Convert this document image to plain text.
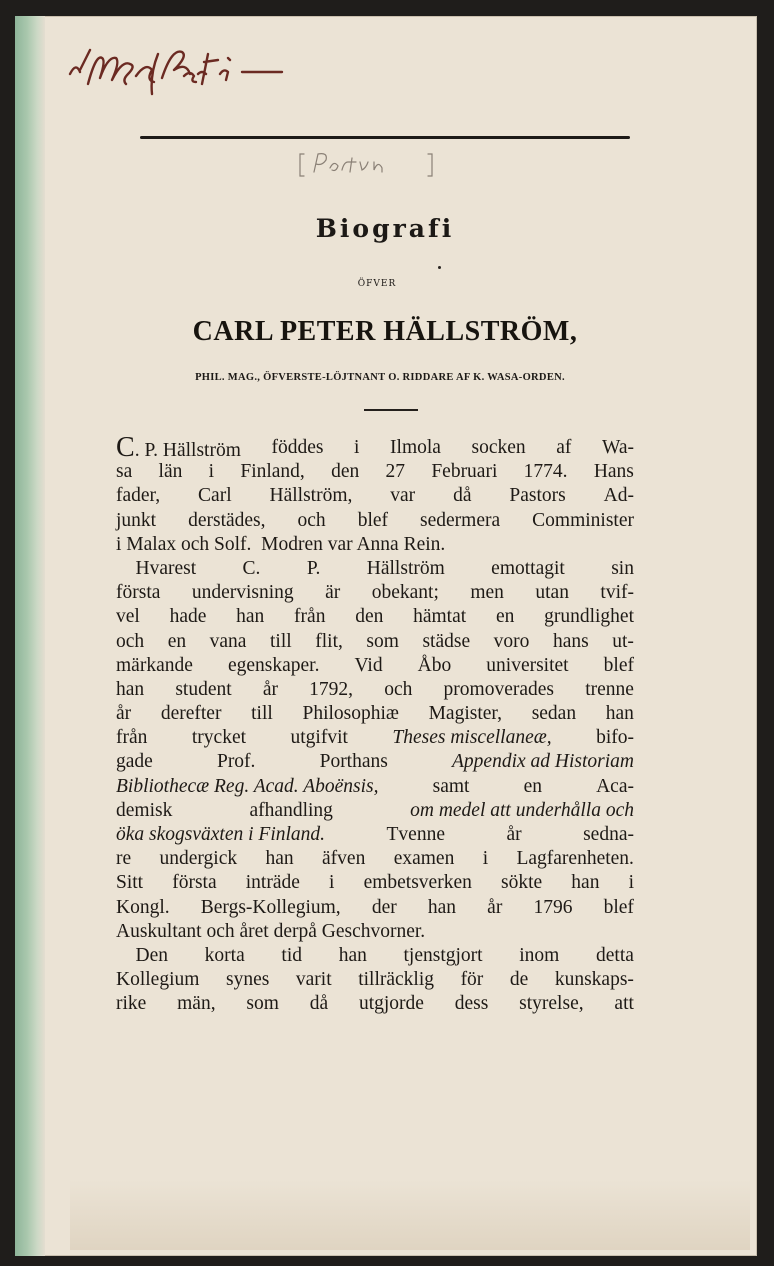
Biografi
ÖFVER
CARL PETER HÄLLSTRÖM,
PHIL. MAG., ÖFVERSTE-LÖJTNANT O. RIDDARE AF K. WASA-ORDEN.
C. P. Hällström föddes i Ilmola socken af Wa-
sa län i Finland, den 27 Februari 1774. Hans
fader, Carl Hällström, var då Pastors Ad-
junkt derstädes, och blef sedermera Comminister
i Malax och Solf.  Modren var Anna Rein.
Hvarest C. P. Hällström emottagit sin
första undervisning är obekant; men utan tvif-
vel hade han från den hämtat en grundlighet
och en vana till flit, som städse voro hans ut-
märkande egenskaper. Vid Åbo universitet blef
han student år 1792, och promoverades trenne
år derefter till Philosophiæ Magister, sedan han
från trycket utgifvit Theses miscellaneæ, bifo-
gade	Prof.	Porthans	Appendix ad Historiam
Bibliothecæ Reg. Acad. Aboënsis,	samt	en	Aca-
demisk	afhandling	om medel att underhålla och
öka skogsväxten i Finland.	Tvenne	år	sedna-
re undergick han äfven examen i Lagfarenheten.
Sitt första inträde i embetsverken sökte han i
Kongl. Bergs-Kollegium, der han år 1796 blef
Auskultant och året derpå Geschvorner.
Den korta tid han tjenstgjort inom detta
Kollegium synes varit tillräcklig för de kunskaps-
rike män, som då utgjorde dess styrelse, att
